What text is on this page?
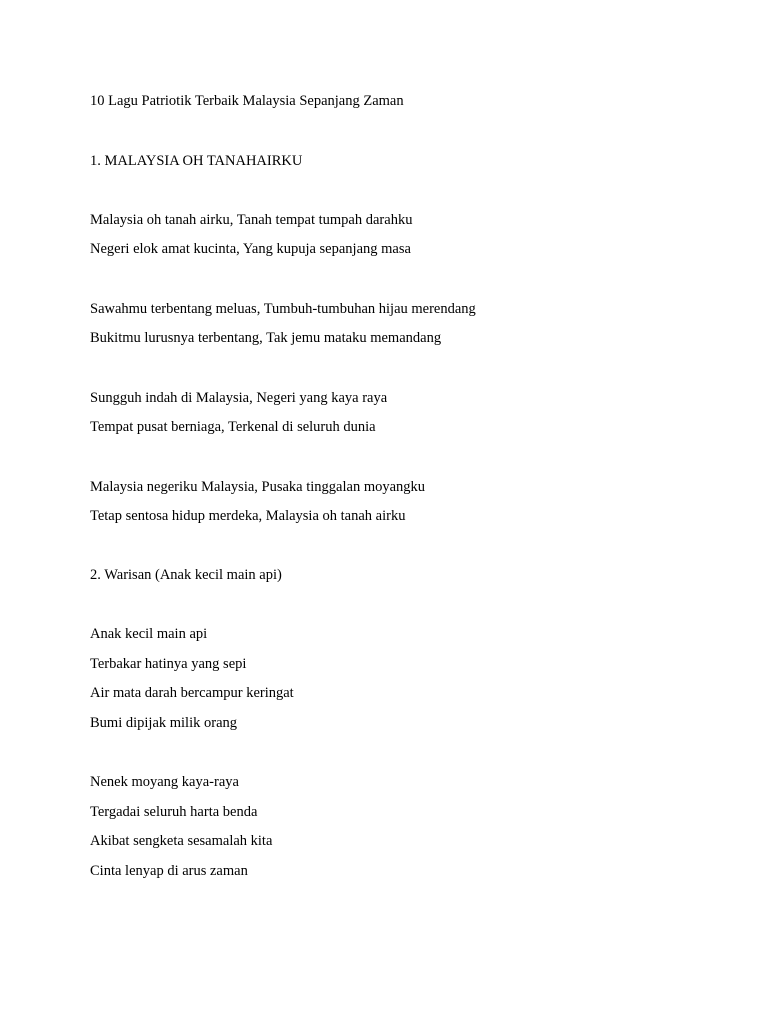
10 Lagu Patriotik Terbaik Malaysia Sepanjang Zaman

1. MALAYSIA OH TANAHAIRKU

Malaysia oh tanah airku, Tanah tempat tumpah darahku

Negeri elok amat kucinta, Yang kupuja sepanjang masa

Sawahmu terbentang meluas, Tumbuh-tumbuhan hijau merendang

Bukitmu lurusnya terbentang, Tak jemu mataku memandang

Sungguh indah di Malaysia, Negeri yang kaya raya

Tempat pusat berniaga, Terkenal di seluruh dunia

Malaysia negeriku Malaysia, Pusaka tinggalan moyangku

Tetap sentosa hidup merdeka, Malaysia oh tanah airku

2. Warisan (Anak kecil main api)

Anak kecil main api

Terbakar hatinya yang sepi

Air mata darah bercampur keringat

Bumi dipijak milik orang

Nenek moyang kaya-raya

Tergadai seluruh harta benda

Akibat sengketa sesamalah kita

Cinta lenyap di arus zaman
